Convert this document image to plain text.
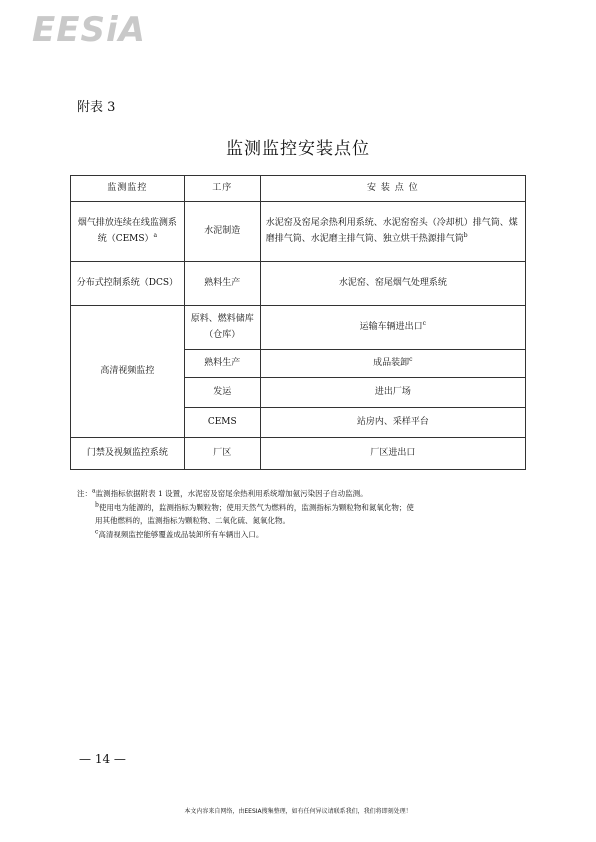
EESiA
附表 3
监测监控安装点位
监测监控	工序	安 装 点 位
烟气排放连续在线监测系统（CEMS）$^a$	水泥制造	水泥窑及窑尾余热利用系统、水泥窑窑头（冷却机）排气筒、煤磨排气筒、水泥磨主排气筒、独立烘干热源排气筒$^b$
分布式控制系统（DCS）	熟料生产	水泥窑、窑尾烟气处理系统
高清视频监控	原料、燃料储库（仓库）	运输车辆进出口$^c$
	熟料生产	成品装卸$^c$
	发运	进出厂场
	CEMS	站房内、采样平台
门禁及视频监控系统	厂区	厂区进出口
注：$^a$监测指标依据附表 1 设置，水泥窑及窑尾余热利用系统增加氨污染因子自动监测。
$^b$使用电为能源的，监测指标为颗粒物；使用天然气为燃料的，监测指标为颗粒物和氮氧化物；使
用其他燃料的，监测指标为颗粒物、二氧化硫、氮氧化物。
$^c$高清视频监控能够覆盖成品装卸所有车辆出入口。
— 14 —
本文内容来自网络，由EESIA搜集整理，如有任何异议请联系我们，我们将即刻处理！
